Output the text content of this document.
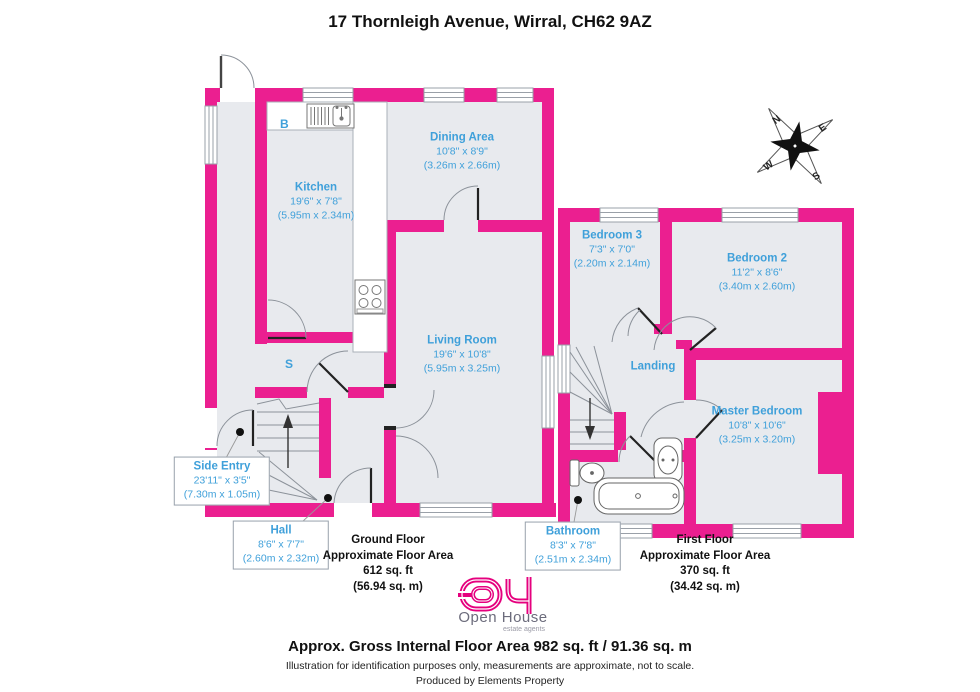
17 Thornleigh Avenue, Wirral, CH62 9AZ
N
E
S
W
B
S
Kitchen
19'6" x 7'8"
(5.95m x 2.34m)
Dining Area
10'8" x 8'9"
(3.26m x 2.66m)
Living Room
19'6" x 10'8"
(5.95m x 3.25m)
Side Entry
23'11" x 3'5"
(7.30m x 1.05m)
Hall
8'6" x 7'7"
(2.60m x 2.32m)
Bedroom 3
7'3" x 7'0"
(2.20m x 2.14m)	Bedroom 2
11'2" x 8'6"
(3.40m x 2.60m)
Landing
Master Bedroom
10'8" x 10'6"
(3.25m x 3.20m)
Bathroom
8'3" x 7'8"
(2.51m x 2.34m)
Ground Floor
Approximate Floor Area
612 sq. ft
(56.94 sq. m)
First Floor
Approximate Floor Area
370 sq. ft
(34.42 sq. m)
Open House
estate agents
Approx. Gross Internal Floor Area 982 sq. ft / 91.36 sq. m
Illustration for identification purposes only, measurements are approximate, not to scale.
Produced by Elements Property
